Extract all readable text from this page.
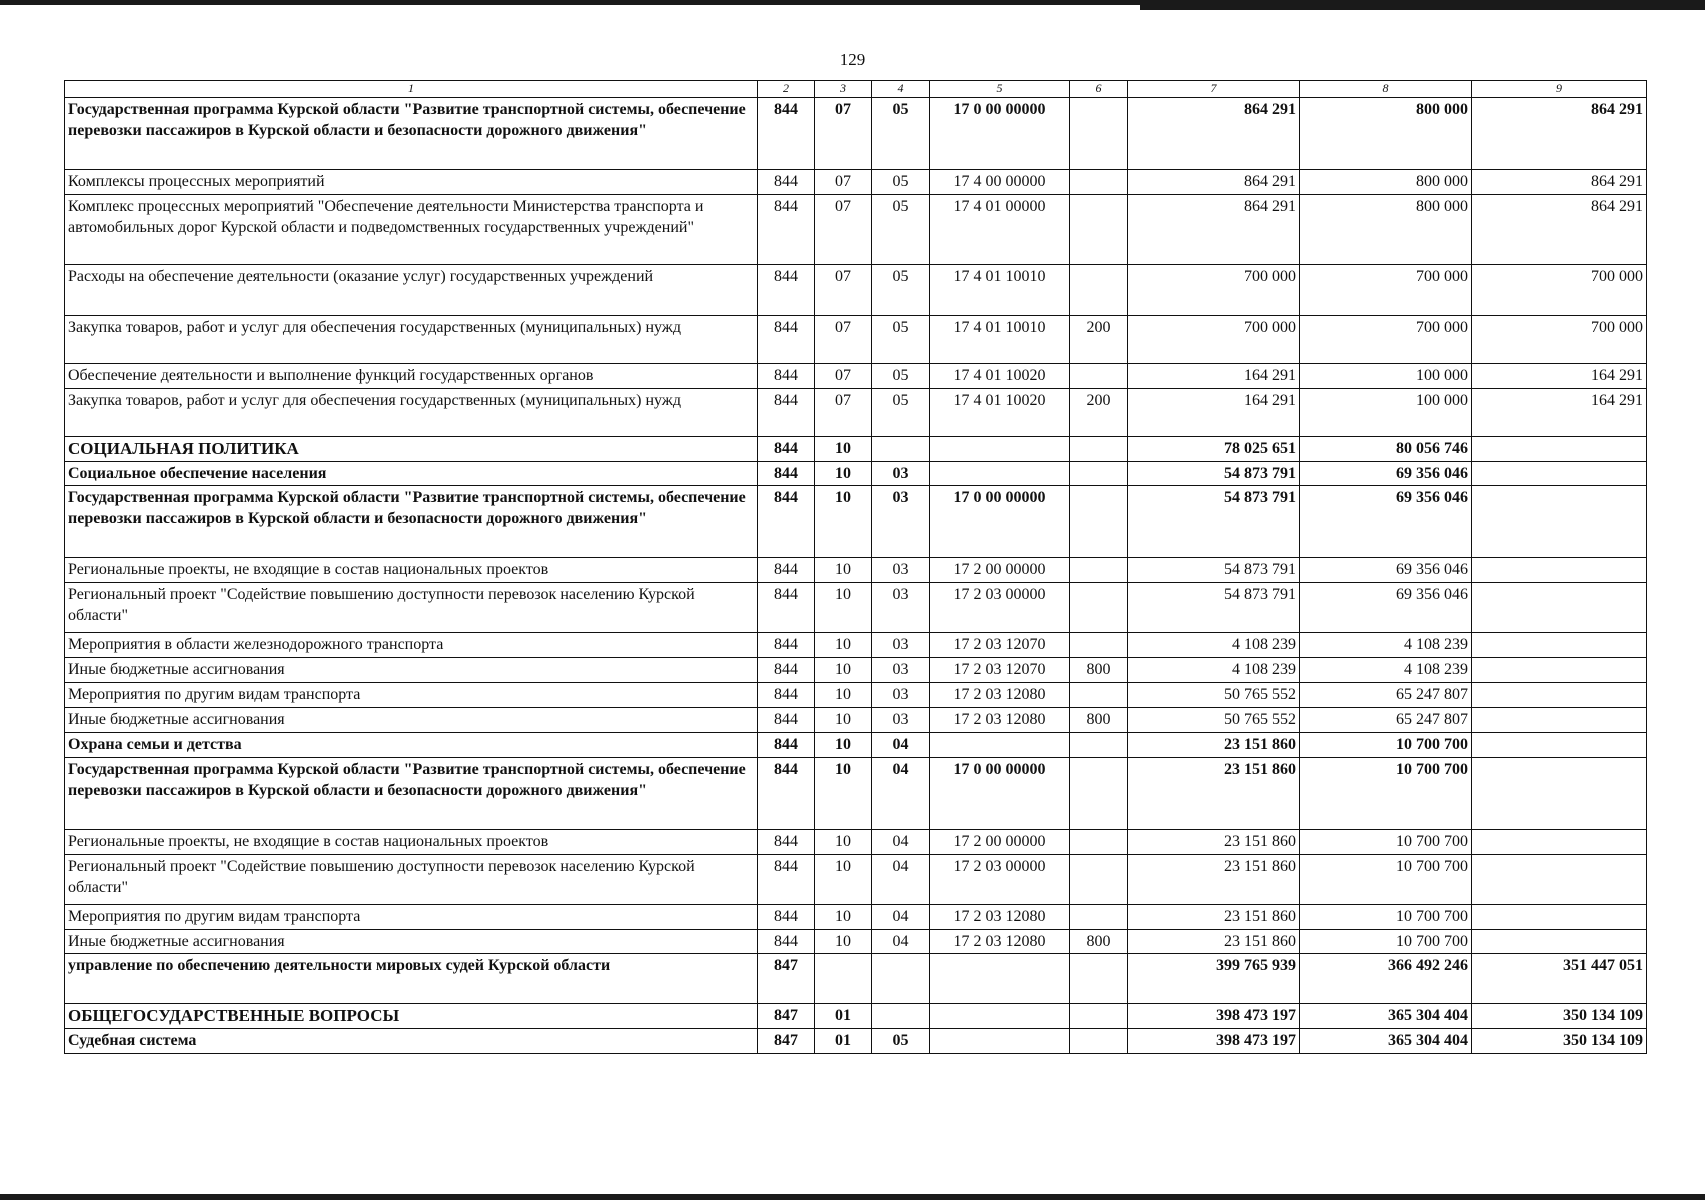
129
1	2	3	4	5	6	7	8	9
Государственная программа Курской области "Развитие транспортной системы, обеспечение перевозки пассажиров в Курской области и безопасности дорожного движения"	844	07	05	17 0 00 00000		864 291	800 000	864 291
Комплексы процессных мероприятий	844	07	05	17 4 00 00000		864 291	800 000	864 291
Комплекс процессных мероприятий "Обеспечение деятельности Министерства транспорта и автомобильных дорог Курской области и подведомственных государственных учреждений"	844	07	05	17 4 01 00000		864 291	800 000	864 291
Расходы на обеспечение деятельности (оказание услуг) государственных учреждений	844	07	05	17 4 01 10010		700 000	700 000	700 000
Закупка товаров, работ и услуг для обеспечения государственных (муниципальных) нужд	844	07	05	17 4 01 10010	200	700 000	700 000	700 000
Обеспечение деятельности и выполнение функций государственных органов	844	07	05	17 4 01 10020		164 291	100 000	164 291
Закупка товаров, работ и услуг для обеспечения государственных (муниципальных) нужд	844	07	05	17 4 01 10020	200	164 291	100 000	164 291
СОЦИАЛЬНАЯ ПОЛИТИКА	844	10				78 025 651	80 056 746	
Социальное обеспечение населения	844	10	03			54 873 791	69 356 046	
Государственная программа Курской области "Развитие транспортной системы, обеспечение перевозки пассажиров в Курской области и безопасности дорожного движения"	844	10	03	17 0 00 00000		54 873 791	69 356 046	
Региональные проекты, не входящие в состав национальных проектов	844	10	03	17 2 00 00000		54 873 791	69 356 046	
Региональный проект "Содействие повышению доступности перевозок населению Курской области"	844	10	03	17 2 03 00000		54 873 791	69 356 046	
Мероприятия в области железнодорожного транспорта	844	10	03	17 2 03 12070		4 108 239	4 108 239	
Иные бюджетные ассигнования	844	10	03	17 2 03 12070	800	4 108 239	4 108 239	
Мероприятия по другим видам транспорта	844	10	03	17 2 03 12080		50 765 552	65 247 807	
Иные бюджетные ассигнования	844	10	03	17 2 03 12080	800	50 765 552	65 247 807	
Охрана семьи и детства	844	10	04			23 151 860	10 700 700	
Государственная программа Курской области "Развитие транспортной системы, обеспечение перевозки пассажиров в Курской области и безопасности дорожного движения"	844	10	04	17 0 00 00000		23 151 860	10 700 700	
Региональные проекты, не входящие в состав национальных проектов	844	10	04	17 2 00 00000		23 151 860	10 700 700	
Региональный проект "Содействие повышению доступности перевозок населению Курской области"	844	10	04	17 2 03 00000		23 151 860	10 700 700	
Мероприятия по другим видам транспорта	844	10	04	17 2 03 12080		23 151 860	10 700 700	
Иные бюджетные ассигнования	844	10	04	17 2 03 12080	800	23 151 860	10 700 700	
управление по обеспечению деятельности мировых судей Курской области	847					399 765 939	366 492 246	351 447 051
ОБЩЕГОСУДАРСТВЕННЫЕ ВОПРОСЫ	847	01				398 473 197	365 304 404	350 134 109
Судебная система	847	01	05			398 473 197	365 304 404	350 134 109
